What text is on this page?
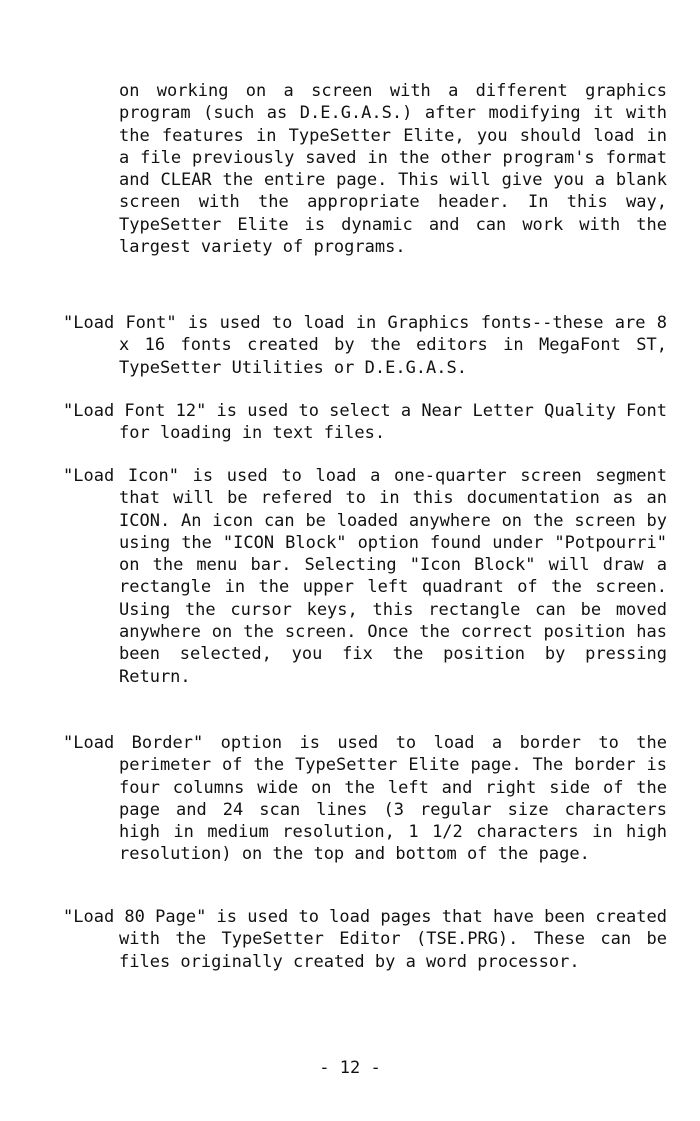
on working on a screen with a different graphics program (such as D.E.G.A.S.) after modifying it with the features in TypeSetter Elite, you should load in a file previously saved in the other program's format and CLEAR the entire page. This will give you a blank screen with the appropriate header. In this way, TypeSetter Elite is dynamic and can work with the largest variety of programs.

"Load Font" is used to load in Graphics fonts--these are 8 x 16 fonts created by the editors in MegaFont ST, TypeSetter Utilities or D.E.G.A.S.

"Load Font 12" is used to select a Near Letter Quality Font for loading in text files.

"Load Icon" is used to load a one-quarter screen segment that will be refered to in this documentation as an ICON. An icon can be loaded anywhere on the screen by using the "ICON Block" option found under "Potpourri" on the menu bar. Selecting "Icon Block" will draw a rectangle in the upper left quadrant of the screen. Using the cursor keys, this rectangle can be moved anywhere on the screen. Once the correct position has been selected, you fix the position by pressing Return.

"Load Border" option is used to load a border to the perimeter of the TypeSetter Elite page. The border is four columns wide on the left and right side of the page and 24 scan lines (3 regular size characters high in medium resolution, 1 1/2 characters in high resolution) on the top and bottom of the page.

"Load 80 Page" is used to load pages that have been created with the TypeSetter Editor (TSE.PRG). These can be files originally created by a word processor.

- 12 -
